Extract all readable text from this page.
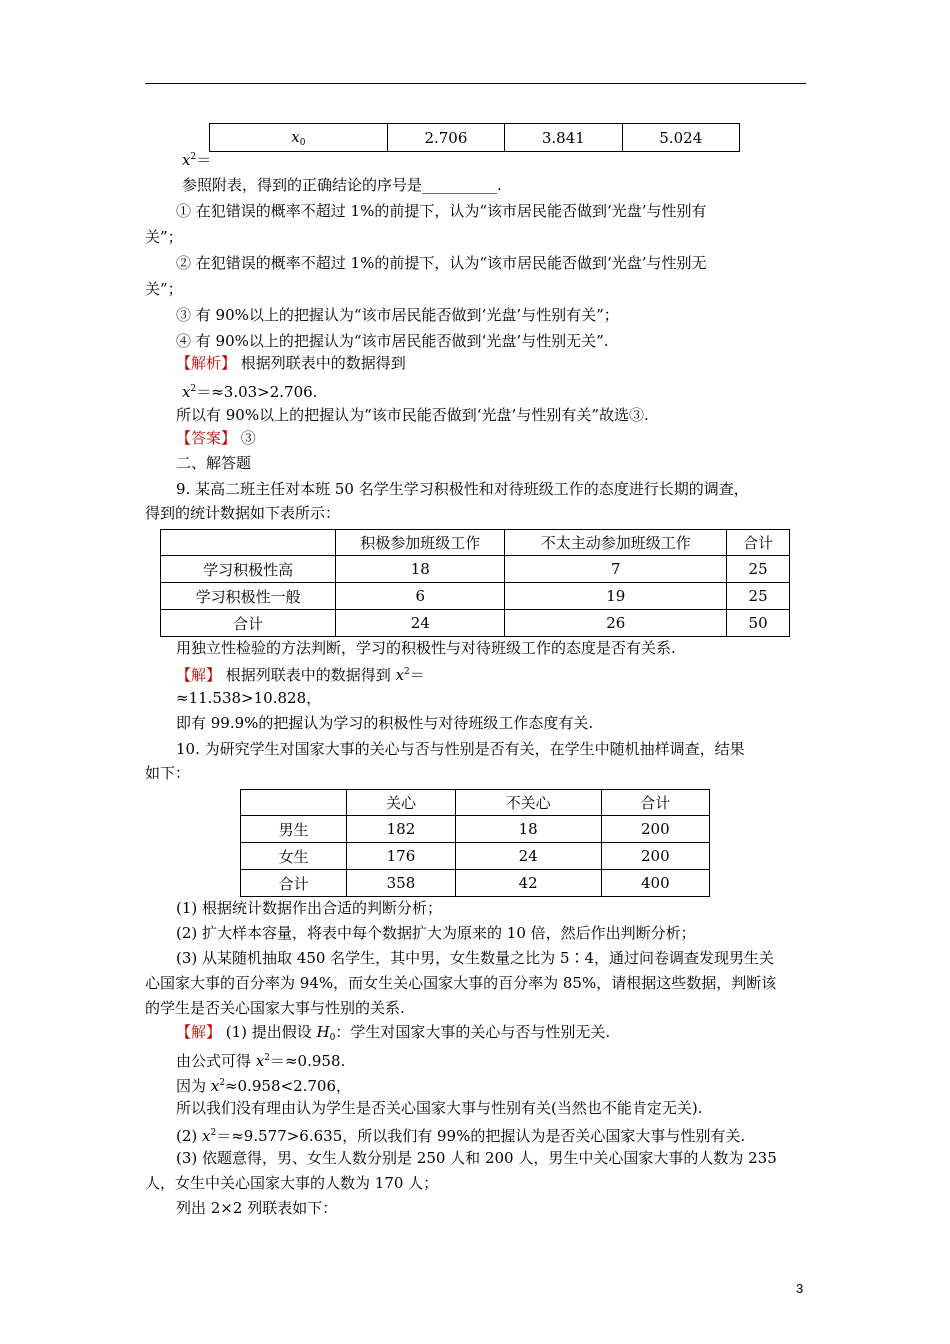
$x_0$	2.706	3.841	5.024
$x^2=$
参照附表，得到的正确结论的序号是__________.
① 在犯错误的概率不超过 1%的前提下，认为“该市居民能否做到‘光盘’与性别有
关”；
② 在犯错误的概率不超过 1%的前提下，认为“该市居民能否做到‘光盘’与性别无
关”；
③ 有 90%以上的把握认为“该市居民能否做到‘光盘’与性别有关”；
④ 有 90%以上的把握认为“该市居民能否做到‘光盘’与性别无关”.
【解析】 根据列联表中的数据得到
$x^2=\approx 3.03>2.706$.
所以有 90%以上的把握认为“该市民能否做到‘光盘’与性别有关”故选③.
【答案】 ③
二、解答题
9. 某高二班主任对本班 50 名学生学习积极性和对待班级工作的态度进行长期的调查，
得到的统计数据如下表所示：
	积极参加班级工作	不太主动参加班级工作	合计
学习积极性高	18	7	25
学习积极性一般	6	19	25
合计	24	26	50
用独立性检验的方法判断，学习的积极性与对待班级工作的态度是否有关系.
【解】 根据列联表中的数据得到 $x^2=$
≈11.538>10.828，
即有 99.9%的把握认为学习的积极性与对待班级工作态度有关.
10. 为研究学生对国家大事的关心与否与性别是否有关，在学生中随机抽样调查，结果
如下：
	关心	不关心	合计
男生	182	18	200
女生	176	24	200
合计	358	42	400
(1) 根据统计数据作出合适的判断分析；
(2) 扩大样本容量，将表中每个数据扩大为原来的 10 倍，然后作出判断分析；
(3) 从某随机抽取 450 名学生，其中男，女生数量之比为 5∶4，通过问卷调查发现男生关
心国家大事的百分率为 94%，而女生关心国家大事的百分率为 85%，请根据这些数据，判断该
的学生是否关心国家大事与性别的关系.
【解】 (1) 提出假设 $H_0$：学生对国家大事的关心与否与性别无关.
由公式可得 $x^2=\approx 0.958$.
因为 $x^2\approx 0.958<2.706$，
所以我们没有理由认为学生是否关心国家大事与性别有关(当然也不能肯定无关).
(2) $x^2=\approx 9.577>6.635$，所以我们有 99%的把握认为是否关心国家大事与性别有关.
(3) 依题意得，男、女生人数分别是 250 人和 200 人，男生中关心国家大事的人数为 235
人，女生中关心国家大事的人数为 170 人；
列出 2×2 列联表如下：
3
